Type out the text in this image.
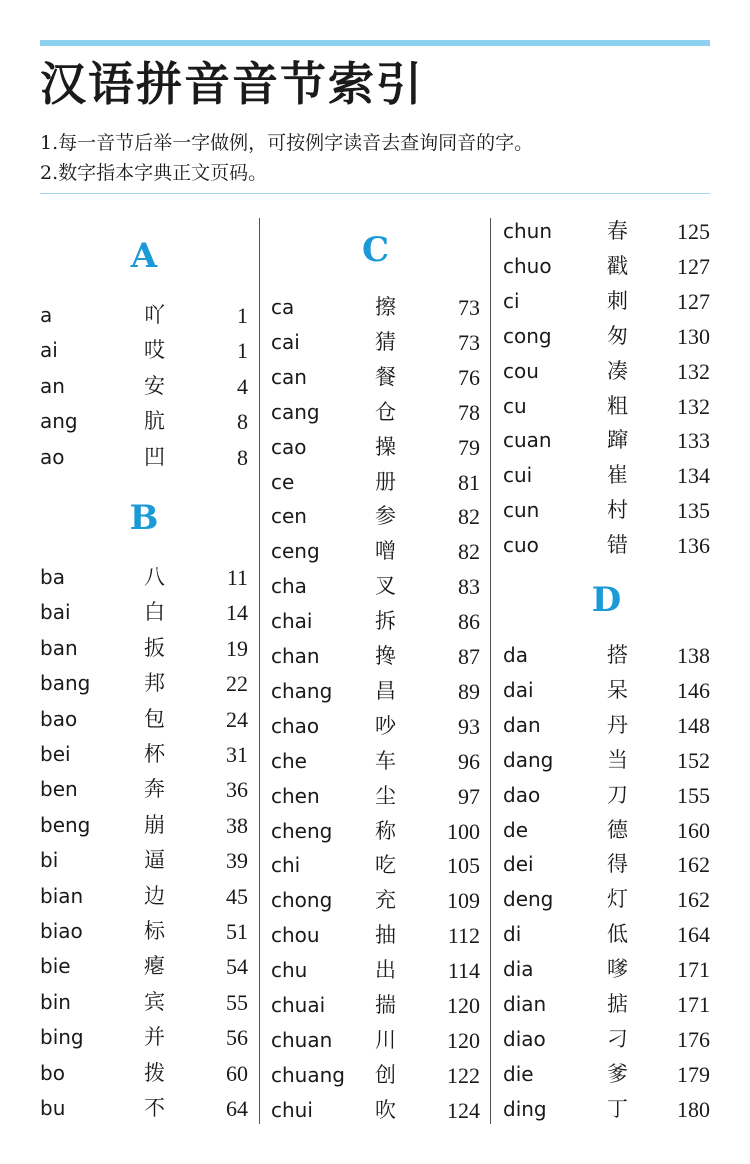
汉语拼音音节索引
1.每一音节后举一字做例，可按例字读音去查询同音的字。
2.数字指本字典正文页码。
A
a	吖	1
ai	哎	1
an	安	4
ang	肮	8
ao	凹	8
B
ba	八	11
bai	白	14
ban	扳	19
bang	邦	22
bao	包	24
bei	杯	31
ben	奔	36
beng	崩	38
bi	逼	39
bian	边	45
biao	标	51
bie	瘪	54
bin	宾	55
bing	并	56
bo	拨	60
bu	不	64
C
ca	擦	73
cai	猜	73
can	餐	76
cang	仓	78
cao	操	79
ce	册	81
cen	参	82
ceng	噌	82
cha	叉	83
chai	拆	86
chan	搀	87
chang 昌	89
chao	吵	93
che	车	96
chen	尘	97
cheng 称 100
chi	吃 105
chong 充 109
chou	抽 112
chu	出 114
chuai 揣 120
chuan 川 120
chuang 创 122
chui	吹 124
chun	春 125
chuo	戳 127
ci	刺 127
cong	匆 130
cou	凑 132
cu	粗 132
cuan	蹿 133
cui	崔 134
cun	村 135
cuo	错 136
D
da	搭 138
dai	呆 146
dan	丹 148
dang	当 152
dao	刀 155
de	德 160
dei	得 162
deng	灯 162
di	低 164
dia	嗲 171
dian	掂 171
diao	刁 176
die	爹 179
ding	丁 180
